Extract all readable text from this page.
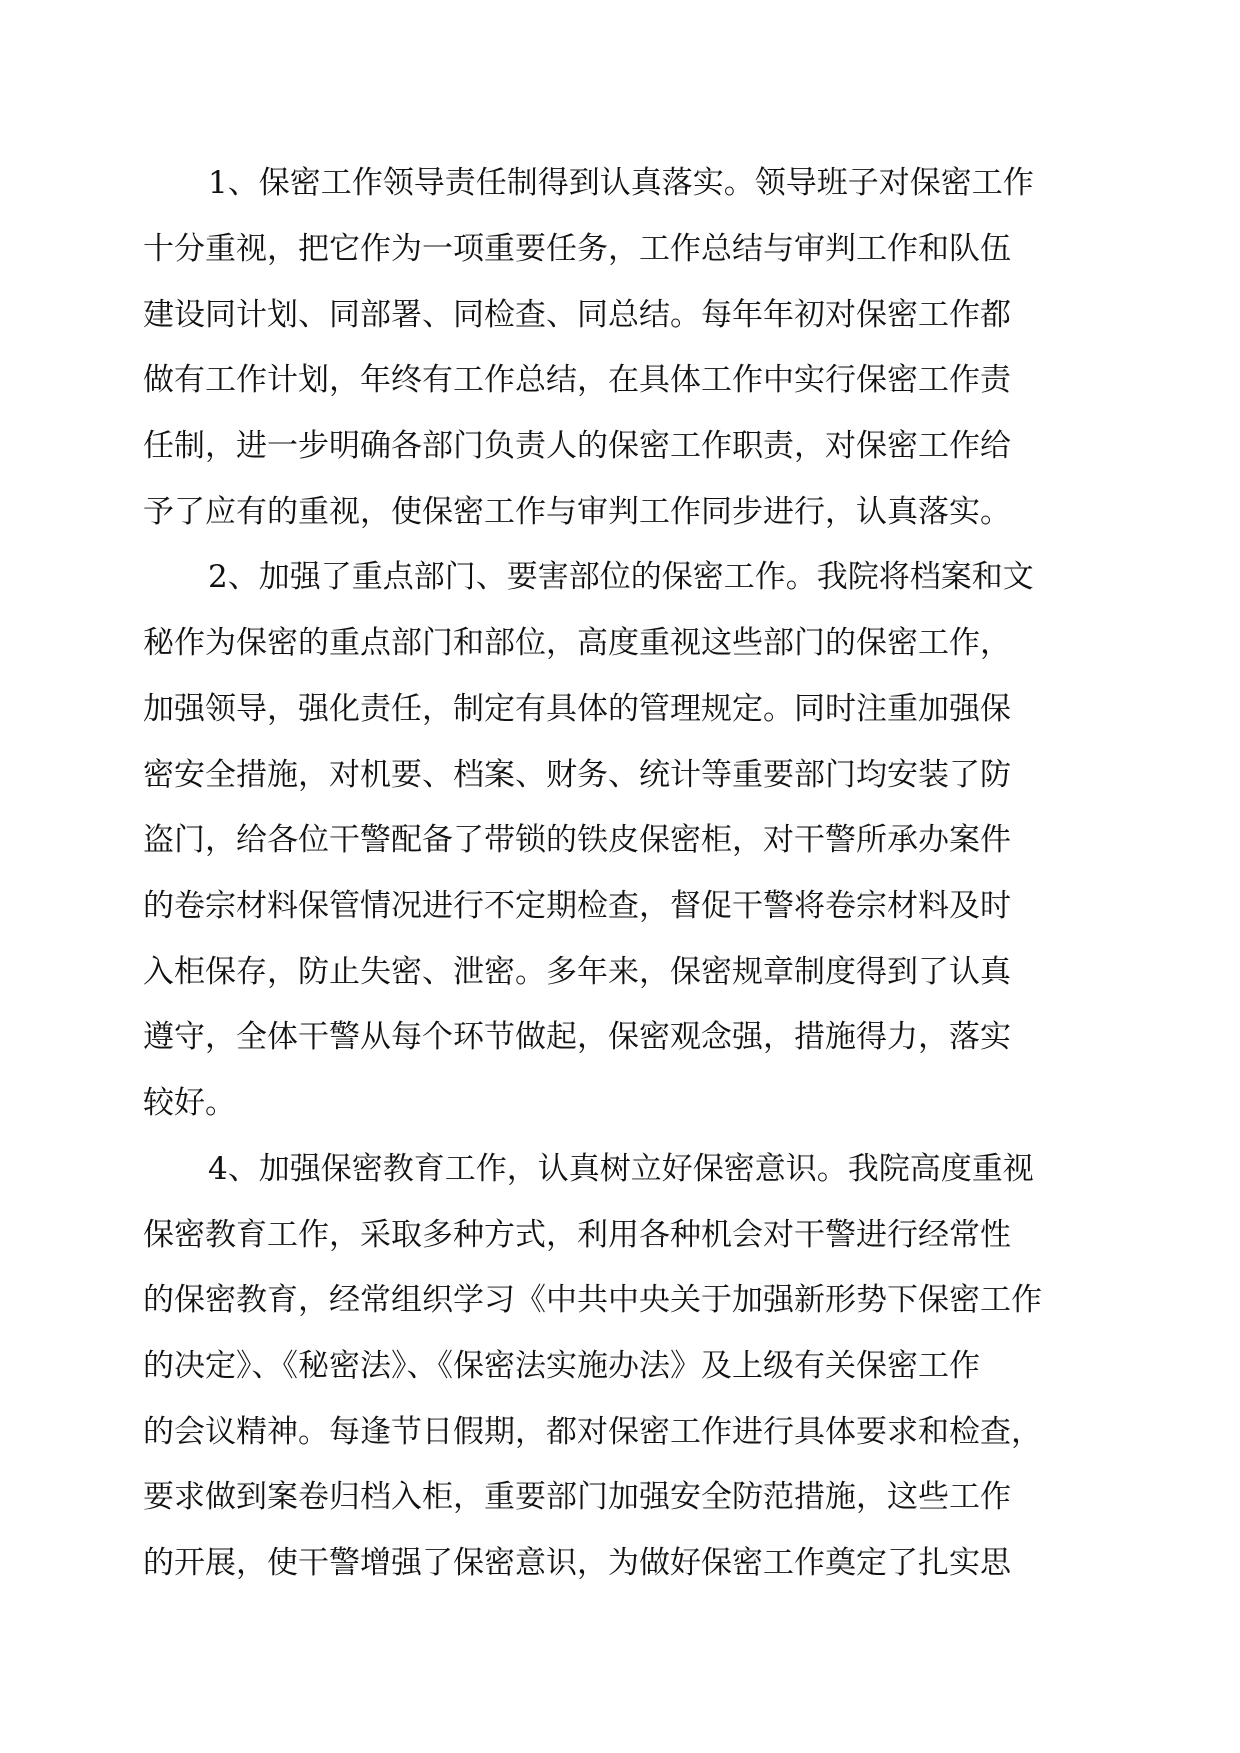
1、保密工作领导责任制得到认真落实。领导班子对保密工作
十分重视，把它作为一项重要任务，工作总结与审判工作和队伍
建设同计划、同部署、同检查、同总结。每年年初对保密工作都
做有工作计划，年终有工作总结，在具体工作中实行保密工作责
任制，进一步明确各部门负责人的保密工作职责，对保密工作给
予了应有的重视，使保密工作与审判工作同步进行，认真落实。
2、加强了重点部门、要害部位的保密工作。我院将档案和文
秘作为保密的重点部门和部位，高度重视这些部门的保密工作，
加强领导，强化责任，制定有具体的管理规定。同时注重加强保
密安全措施，对机要、档案、财务、统计等重要部门均安装了防
盗门，给各位干警配备了带锁的铁皮保密柜，对干警所承办案件
的卷宗材料保管情况进行不定期检查，督促干警将卷宗材料及时
入柜保存，防止失密、泄密。多年来，保密规章制度得到了认真
遵守，全体干警从每个环节做起，保密观念强，措施得力，落实
较好。
4、加强保密教育工作，认真树立好保密意识。我院高度重视
保密教育工作，采取多种方式，利用各种机会对干警进行经常性
的保密教育，经常组织学习《中共中央关于加强新形势下保密工作
的决定》、《秘密法》、《保密法实施办法》及上级有关保密工作
的会议精神。每逢节日假期，都对保密工作进行具体要求和检查，
要求做到案卷归档入柜，重要部门加强安全防范措施，这些工作
的开展，使干警增强了保密意识，为做好保密工作奠定了扎实思
